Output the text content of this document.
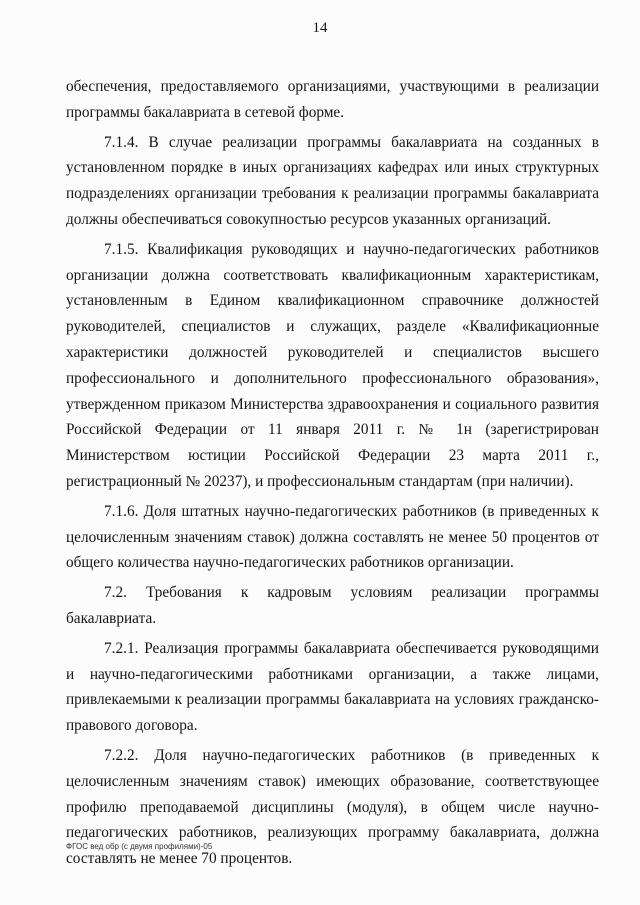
14

обеспечения, предоставляемого организациями, участвующими в реализации программы бакалавриата в сетевой форме.

7.1.4. В случае реализации программы бакалавриата на созданных в установленном порядке в иных организациях кафедрах или иных структурных подразделениях организации требования к реализации программы бакалавриата должны обеспечиваться совокупностью ресурсов указанных организаций.

7.1.5. Квалификация руководящих и научно-педагогических работников организации должна соответствовать квалификационным характеристикам, установленным в Едином квалификационном справочнике должностей руководителей, специалистов и служащих, разделе «Квалификационные характеристики должностей руководителей и специалистов высшего профессионального и дополнительного профессионального образования», утвержденном приказом Министерства здравоохранения и социального развития Российской Федерации от 11 января 2011 г. № 1н (зарегистрирован Министерством юстиции Российской Федерации 23 марта 2011 г., регистрационный № 20237), и профессиональным стандартам (при наличии).

7.1.6. Доля штатных научно-педагогических работников (в приведенных к целочисленным значениям ставок) должна составлять не менее 50 процентов от общего количества научно-педагогических работников организации.

7.2. Требования к кадровым условиям реализации программы бакалавриата.

7.2.1. Реализация программы бакалавриата обеспечивается руководящими и научно-педагогическими работниками организации, а также лицами, привлекаемыми к реализации программы бакалавриата на условиях гражданско-правового договора.

7.2.2. Доля научно-педагогических работников (в приведенных к целочисленным значениям ставок) имеющих образование, соответствующее профилю преподаваемой дисциплины (модуля), в общем числе научно-педагогических работников, реализующих программу бакалавриата, должна составлять не менее 70 процентов.

ФГОС вед обр (с двумя профилями)-05
